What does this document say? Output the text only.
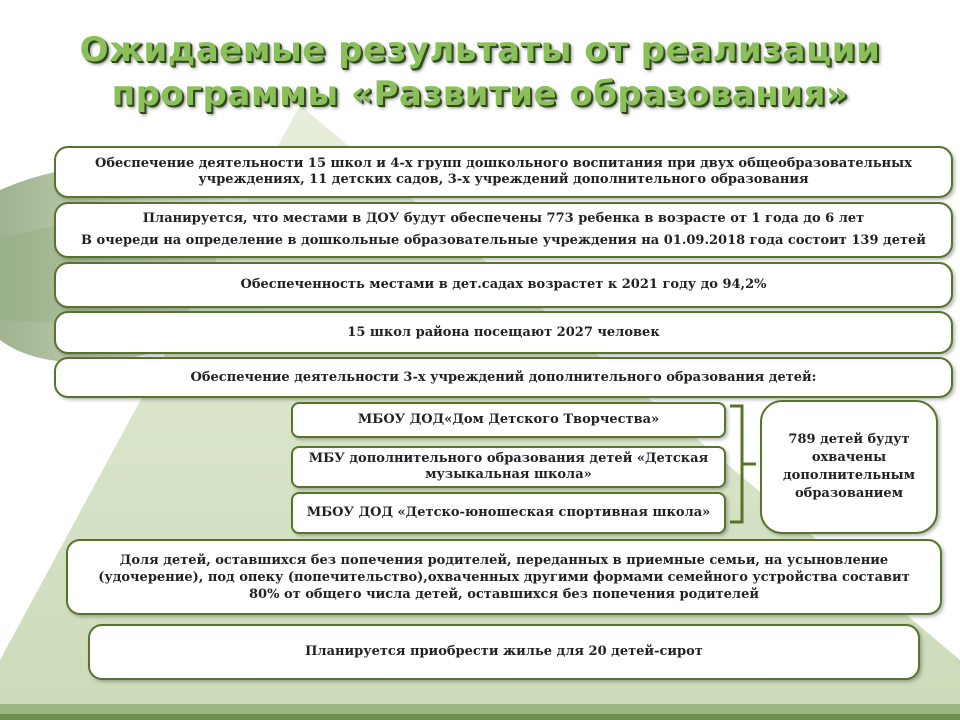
Ожидаемые результаты от реализации
программы «Развитие образования»
Обеспечение деятельности 15 школ и 4-х групп дошкольного воспитания при двух общеобразовательных учреждениях, 11 детских садов, 3-х учреждений дополнительного образования
Планируется, что местами в ДОУ будут обеспечены 773 ребенка в возрасте от 1 года до 6 лет
В очереди на определение в дошкольные образовательные учреждения на 01.09.2018 года состоит 139 детей
Обеспеченность местами в дет.садах возрастет к 2021 году до 94,2%
15 школ района посещают 2027 человек
Обеспечение деятельности 3-х учреждений дополнительного образования детей:
МБОУ ДОД«Дом Детского Творчества»
МБУ дополнительного образования детей «Детская музыкальная школа»
МБОУ ДОД «Детско-юношеская спортивная школа»
789 детей будут охвачены дополнительным образованием
Доля детей, оставшихся без попечения родителей, переданных в приемные семьи, на усыновление (удочерение), под опеку (попечительство),охваченных другими формами семейного устройства составит 80% от общего числа детей, оставшихся без попечения родителей
Планируется приобрести жилье для 20 детей-сирот
